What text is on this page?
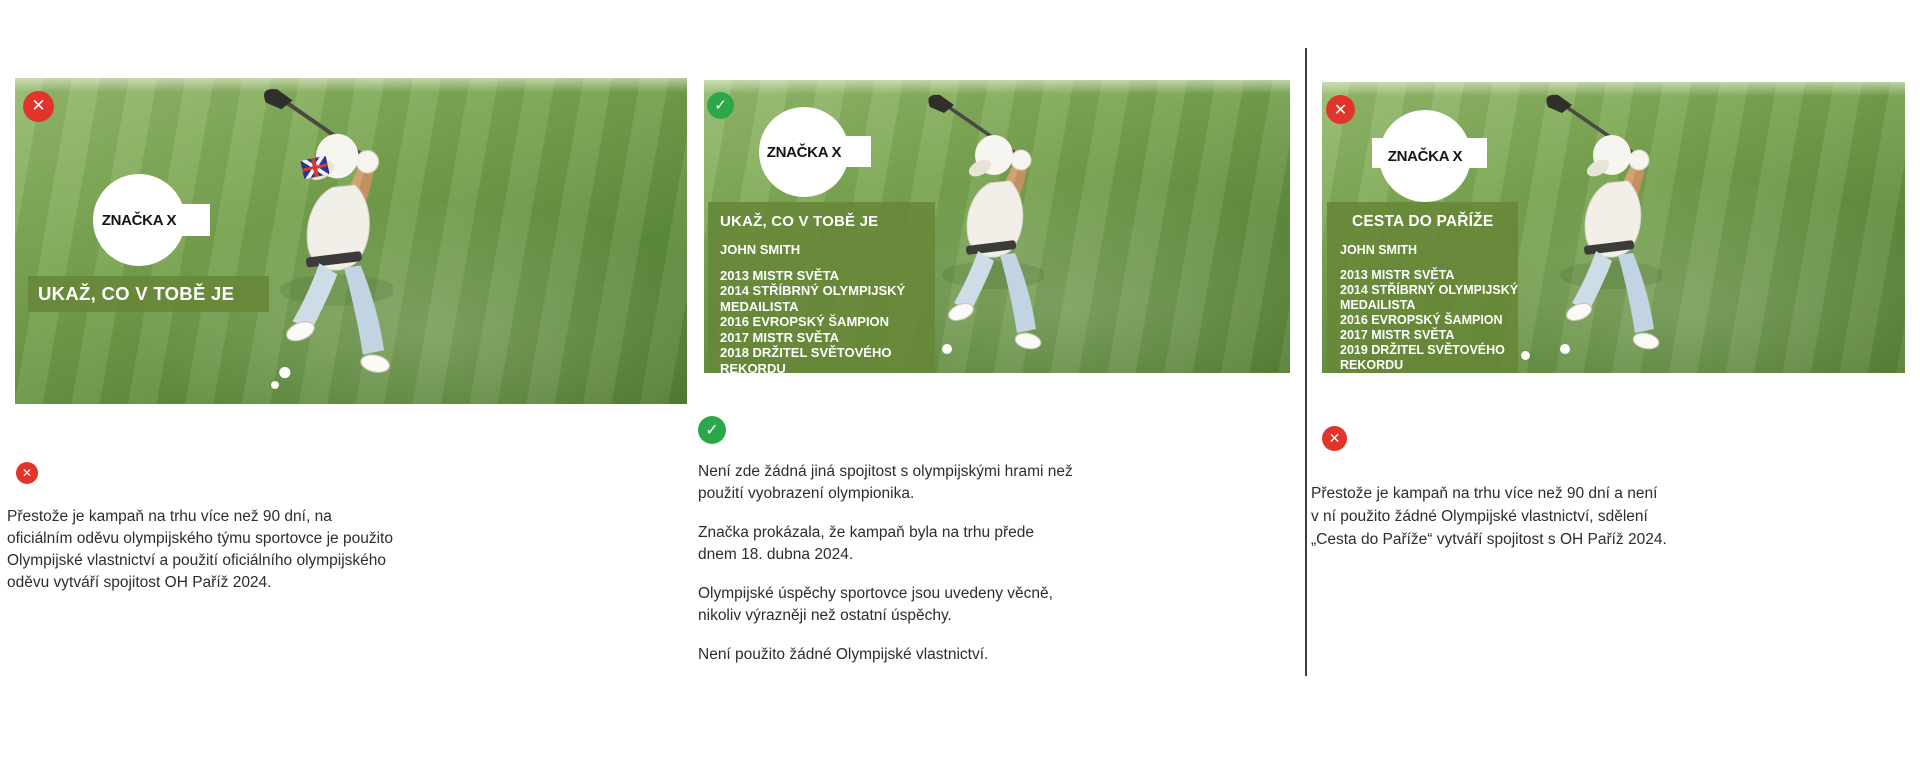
✕
ZNAČKA X
UKAŽ, CO V TOBĚ JE
✕

Přestože je kampaň na trhu více než 90 dní, na
oficiálním oděvu olympijského týmu sportovce je použito
Olympijské vlastnictví a použití oficiálního olympijského
oděvu vytváří spojitost OH Paříž 2024.

✓
ZNAČKA X
UKAŽ, CO V TOBĚ JE
JOHN SMITH
2013 MISTR SVĚTA
2014 STŘÍBRNÝ OLYMPIJSKÝ
MEDAILISTA
2016 EVROPSKÝ ŠAMPION
2017 MISTR SVĚTA
2018 DRŽITEL SVĚTOVÉHO
REKORDU
✓

Není zde žádná jiná spojitost s olympijskými hrami než
použití vyobrazení olympionika.

Značka prokázala, že kampaň byla na trhu přede
dnem 18. dubna 2024.

Olympijské úspěchy sportovce jsou uvedeny věcně,
nikoliv výrazněji než ostatní úspěchy.

Není použito žádné Olympijské vlastnictví.

✕
ZNAČKA X
CESTA DO PAŘÍŽE
JOHN SMITH
2013 MISTR SVĚTA
2014 STŘÍBRNÝ OLYMPIJSKÝ
MEDAILISTA
2016 EVROPSKÝ ŠAMPION
2017 MISTR SVĚTA
2019 DRŽITEL SVĚTOVÉHO
REKORDU
✕

Přestože je kampaň na trhu více než 90 dní a není
v ní použito žádné Olympijské vlastnictví, sdělení
„Cesta do Paříže“ vytváří spojitost s OH Paříž 2024.
